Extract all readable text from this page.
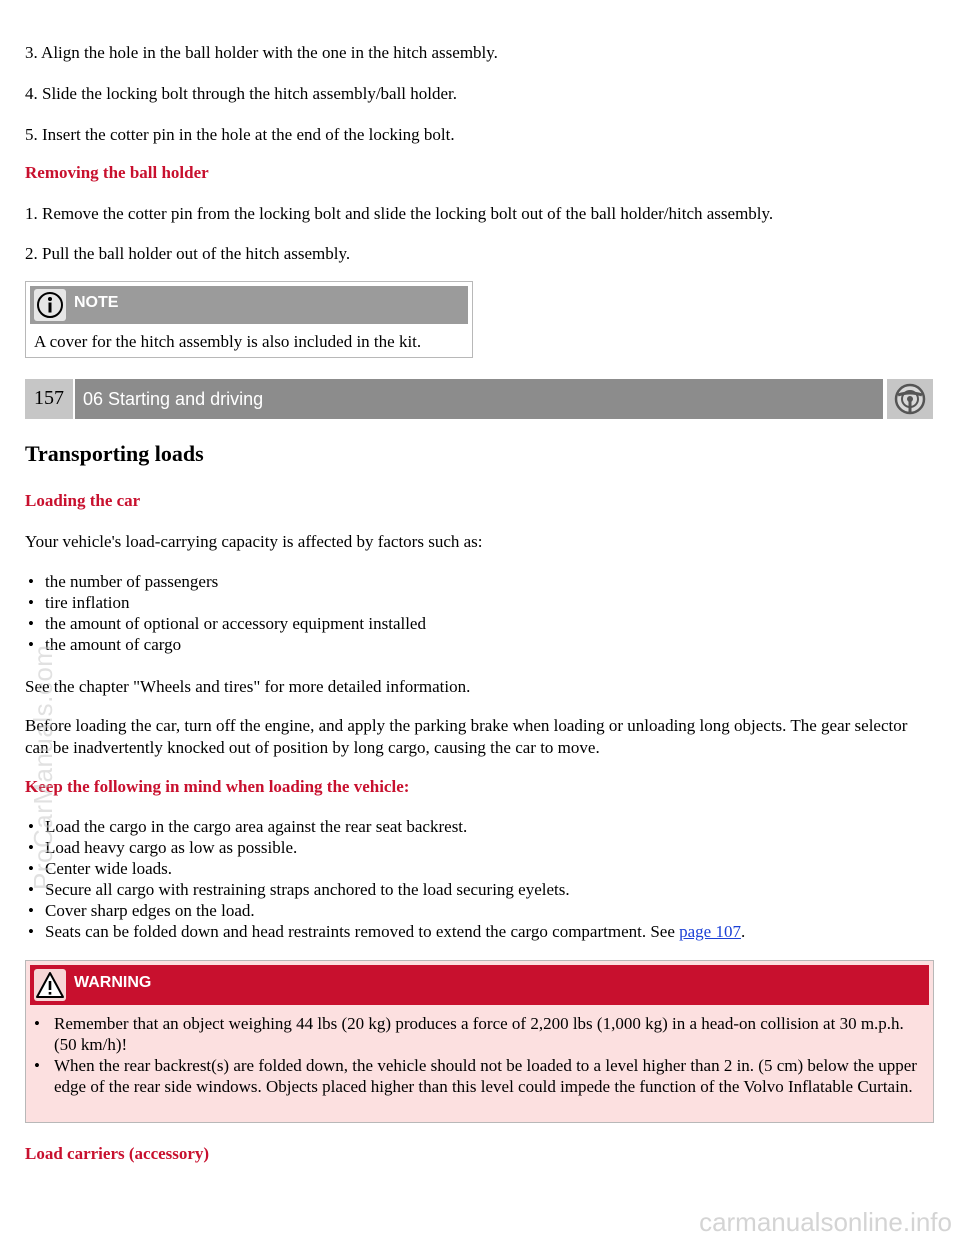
3. Align the hole in the ball holder with the one in the hitch assembly.

4. Slide the locking bolt through the hitch assembly/ball holder.

5. Insert the cotter pin in the hole at the end of the locking bolt.

Removing the ball holder

1. Remove the cotter pin from the locking bolt and slide the locking bolt out of the ball holder/hitch assembly.

2. Pull the ball holder out of the hitch assembly.

NOTE
A cover for the hitch assembly is also included in the kit.
157	06 Starting and driving

Transporting loads

Loading the car

Your vehicle's load-carrying capacity is affected by factors such as:

• the number of passengers
• tire inflation
• the amount of optional or accessory equipment installed
• the amount of cargo

See the chapter "Wheels and tires" for more detailed information.

Before loading the car, turn off the engine, and apply the parking brake when loading or unloading long objects. The gear selector can be inadvertently knocked out of position by long cargo, causing the car to move.

Keep the following in mind when loading the vehicle:

• Load the cargo in the cargo area against the rear seat backrest.
• Load heavy cargo as low as possible.
• Center wide loads.
• Secure all cargo with restraining straps anchored to the load securing eyelets.
• Cover sharp edges on the load.
• Seats can be folded down and head restraints removed to extend the cargo compartment. See page 107.
WARNING

• Remember that an object weighing 44 lbs (20 kg) produces a force of 2,200 lbs (1,000 kg) in a head-on collision at 30 m.p.h. (50 km/h)!

• When the rear backrest(s) are folded down, the vehicle should not be loaded to a level higher than 2 in. (5 cm) below the upper edge of the rear side windows. Objects placed higher than this level could impede the function of the Volvo Inflatable Curtain.

Load carriers (accessory)

ProCarManuals.com
carmanualsonline.info
